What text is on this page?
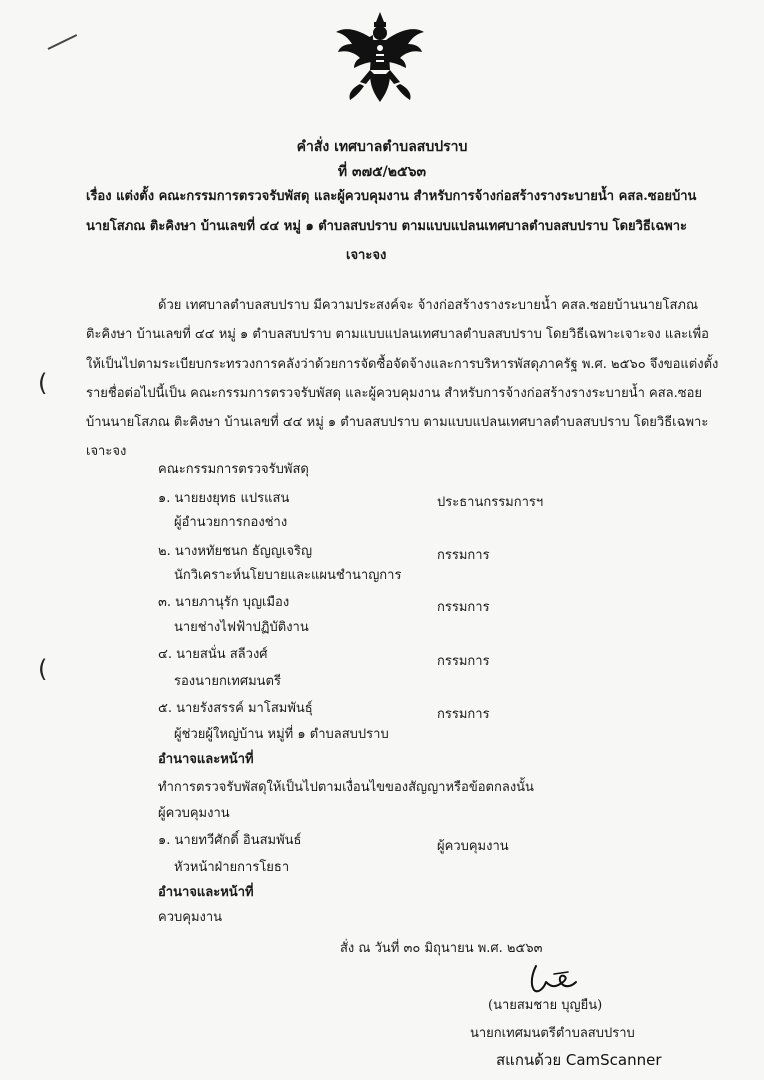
คำสั่ง เทศบาลตำบลสบปราบ
ที่ ๓๗๕/๒๕๖๓
เรื่อง แต่งตั้ง คณะกรรมการตรวจรับพัสดุ และผู้ควบคุมงาน สำหรับการจ้างก่อสร้างรางระบายน้ำ คสล.ซอยบ้าน
นายโสภณ ติะคิงษา บ้านเลขที่ ๔๔ หมู่ ๑ ตำบลสบปราบ ตามแบบแปลนเทศบาลตำบลสบปราบ โดยวิธีเฉพาะ
เจาะจง
ด้วย เทศบาลตำบลสบปราบ มีความประสงค์จะ จ้างก่อสร้างรางระบายน้ำ คสล.ซอยบ้านนายโสภณ
ติะคิงษา บ้านเลขที่ ๔๔ หมู่ ๑ ตำบลสบปราบ ตามแบบแปลนเทศบาลตำบลสบปราบ โดยวิธีเฉพาะเจาะจง และเพื่อ
ให้เป็นไปตามระเบียบกระทรวงการคลังว่าด้วยการจัดซื้อจัดจ้างและการบริหารพัสดุภาครัฐ พ.ศ. ๒๕๖๐ จึงขอแต่งตั้ง
รายชื่อต่อไปนี้เป็น คณะกรรมการตรวจรับพัสดุ และผู้ควบคุมงาน สำหรับการจ้างก่อสร้างรางระบายน้ำ คสล.ซอย
บ้านนายโสภณ ติะคิงษา บ้านเลขที่ ๔๔ หมู่ ๑ ตำบลสบปราบ ตามแบบแปลนเทศบาลตำบลสบปราบ โดยวิธีเฉพาะ
เจาะจง
(
(
คณะกรรมการตรวจรับพัสดุ
๑. นายยงยุทธ แปรแสน	ประธานกรรมการฯ
ผู้อำนวยการกองช่าง
๒. นางหทัยชนก ธัญญเจริญ	กรรมการ
นักวิเคราะห์นโยบายและแผนชำนาญการ
๓. นายภานุรัก บุญเมือง	กรรมการ
นายช่างไฟฟ้าปฏิบัติงาน
๔. นายสนั่น สลีวงศ์	กรรมการ
รองนายกเทศมนตรี
๕. นายรังสรรค์ มาโสมพันธุ์	กรรมการ
ผู้ช่วยผู้ใหญ่บ้าน หมู่ที่ ๑ ตำบลสบปราบ
อำนาจและหน้าที่
ทำการตรวจรับพัสดุให้เป็นไปตามเงื่อนไขของสัญญาหรือข้อตกลงนั้น
ผู้ควบคุมงาน
๑. นายทวีศักดิ์ อินสมพันธ์	ผู้ควบคุมงาน
หัวหน้าฝ่ายการโยธา
อำนาจและหน้าที่
ควบคุมงาน
สั่ง ณ วันที่ ๓๐ มิถุนายน พ.ศ. ๒๕๖๓
(นายสมชาย บุญยืน)
นายกเทศมนตรีตำบลสบปราบ
สแกนด้วย CamScanner
